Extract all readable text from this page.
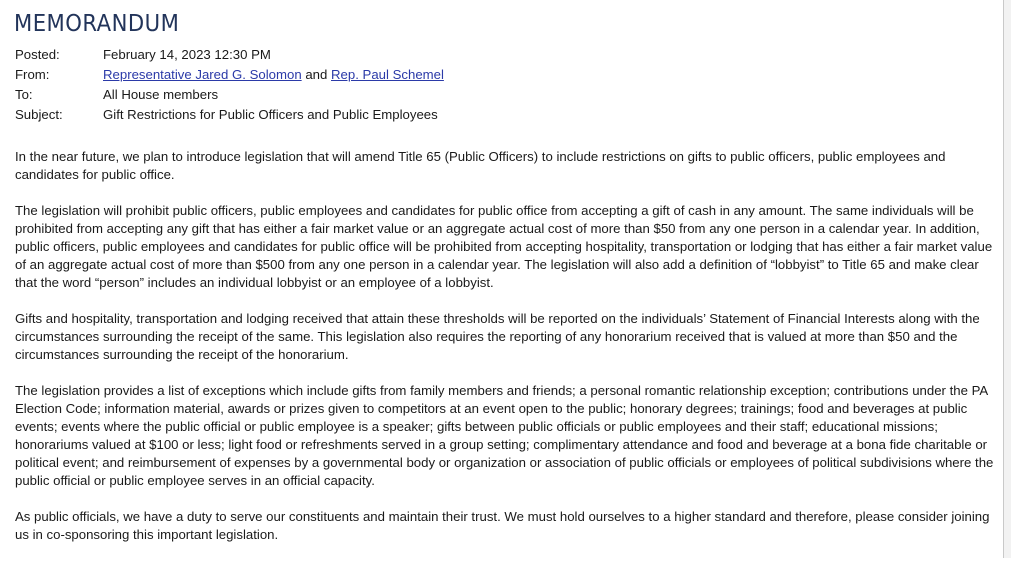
MEMORANDUM
Posted:	February 14, 2023 12:30 PM
From:	Representative Jared G. Solomon and Rep. Paul Schemel
To:	All House members
Subject:	Gift Restrictions for Public Officers and Public Employees

In the near future, we plan to introduce legislation that will amend Title 65 (Public Officers) to include restrictions on gifts to public officers, public employees and candidates for public office.

The legislation will prohibit public officers, public employees and candidates for public office from accepting a gift of cash in any amount. The same individuals will be prohibited from accepting any gift that has either a fair market value or an aggregate actual cost of more than $50 from any one person in a calendar year. In addition, public officers, public employees and candidates for public office will be prohibited from accepting hospitality, transportation or lodging that has either a fair market value of an aggregate actual cost of more than $500 from any one person in a calendar year. The legislation will also add a definition of “lobbyist” to Title 65 and make clear that the word “person” includes an individual lobbyist or an employee of a lobbyist.

Gifts and hospitality, transportation and lodging received that attain these thresholds will be reported on the individuals’ Statement of Financial Interests along with the circumstances surrounding the receipt of the same. This legislation also requires the reporting of any honorarium received that is valued at more than $50 and the circumstances surrounding the receipt of the honorarium.

The legislation provides a list of exceptions which include gifts from family members and friends; a personal romantic relationship exception; contributions under the PA Election Code; information material, awards or prizes given to competitors at an event open to the public; honorary degrees; trainings; food and beverages at public events; events where the public official or public employee is a speaker; gifts between public officials or public employees and their staff; educational missions; honorariums valued at $100 or less; light food or refreshments served in a group setting; complimentary attendance and food and beverage at a bona fide charitable or political event; and reimbursement of expenses by a governmental body or organization or association of public officials or employees of political subdivisions where the public official or public employee serves in an official capacity.

As public officials, we have a duty to serve our constituents and maintain their trust. We must hold ourselves to a higher standard and therefore, please consider joining us in co-sponsoring this important legislation.
